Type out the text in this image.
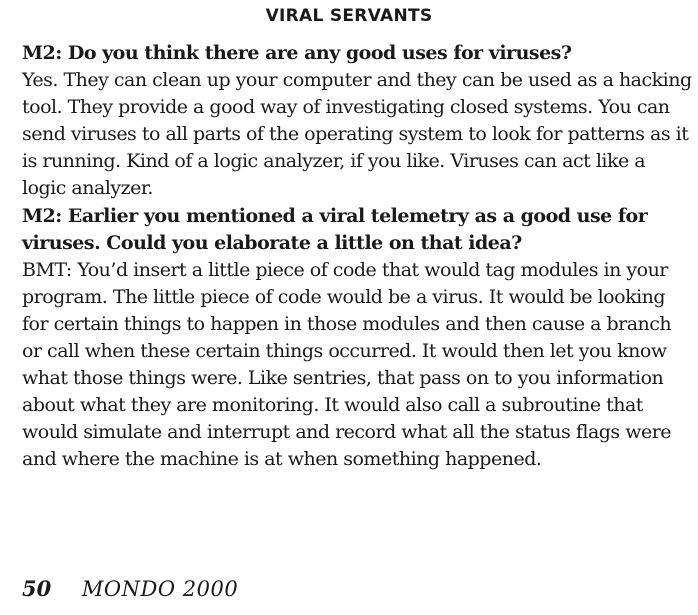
VIRAL SERVANTS

M2: Do you think there are any good uses for viruses?

Yes. They can clean up your computer and they can be used as a hacking tool. They provide a good way of investigating closed systems. You can send viruses to all parts of the operating system to look for patterns as it is running. Kind of a logic analyzer, if you like. Viruses can act like a logic analyzer.

M2: Earlier you mentioned a viral telemetry as a good use for viruses. Could you elaborate a little on that idea?

BMT: You’d insert a little piece of code that would tag modules in your program. The little piece of code would be a virus. It would be looking for certain things to happen in those modules and then cause a branch or call when these certain things occurred. It would then let you know what those things were. Like sentries, that pass on to you information about what they are monitoring. It would also call a subroutine that would simulate and interrupt and record what all the status flags were and where the machine is at when something happened.

50 MONDO 2000
